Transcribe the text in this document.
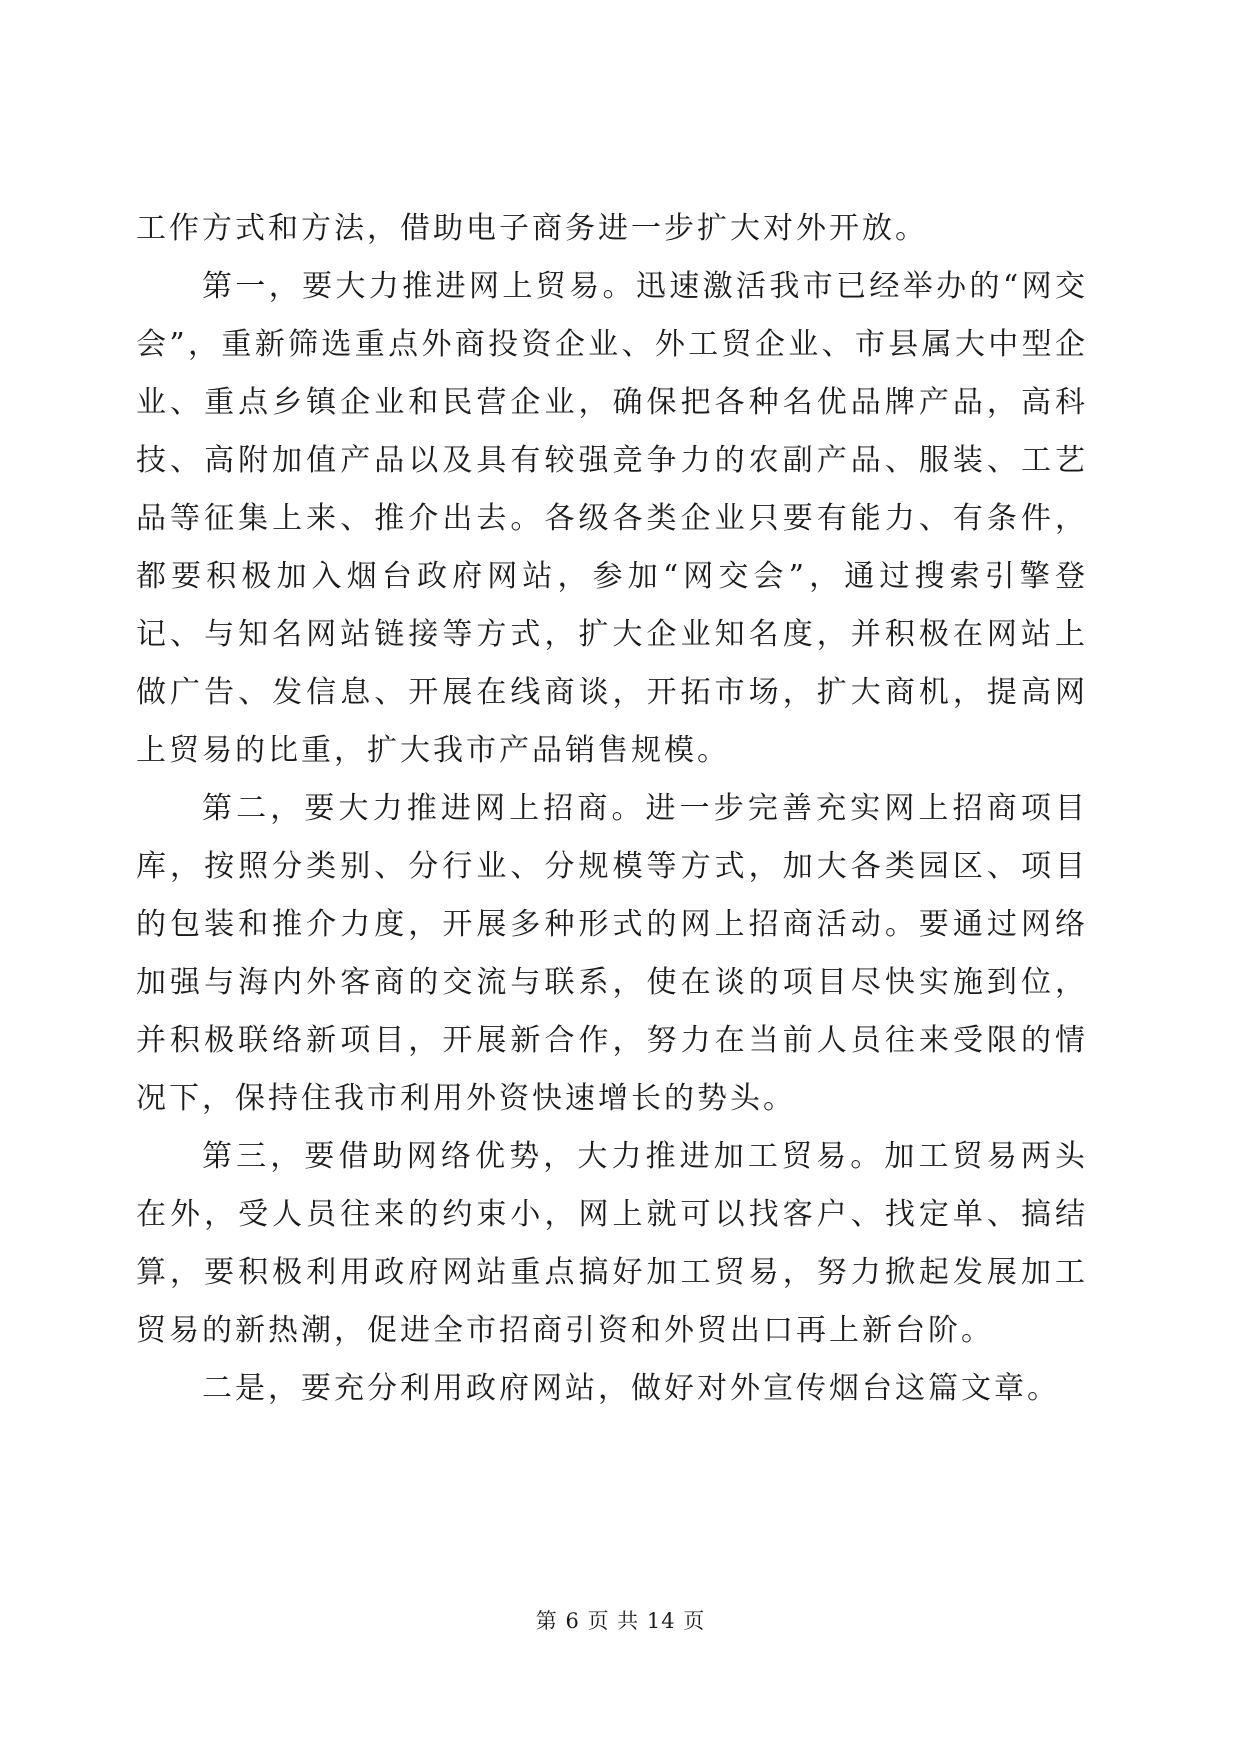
工作方式和方法，借助电子商务进一步扩大对外开放。

第一，要大力推进网上贸易。迅速激活我市已经举办的“网交会”，重新筛选重点外商投资企业、外工贸企业、市县属大中型企业、重点乡镇企业和民营企业，确保把各种名优品牌产品，高科技、高附加值产品以及具有较强竞争力的农副产品、服装、工艺品等征集上来、推介出去。各级各类企业只要有能力、有条件，都要积极加入烟台政府网站，参加“网交会”，通过搜索引擎登记、与知名网站链接等方式，扩大企业知名度，并积极在网站上做广告、发信息、开展在线商谈，开拓市场，扩大商机，提高网上贸易的比重，扩大我市产品销售规模。

第二，要大力推进网上招商。进一步完善充实网上招商项目库，按照分类别、分行业、分规模等方式，加大各类园区、项目的包装和推介力度，开展多种形式的网上招商活动。要通过网络加强与海内外客商的交流与联系，使在谈的项目尽快实施到位，并积极联络新项目，开展新合作，努力在当前人员往来受限的情况下，保持住我市利用外资快速增长的势头。

第三，要借助网络优势，大力推进加工贸易。加工贸易两头在外，受人员往来的约束小，网上就可以找客户、找定单、搞结算，要积极利用政府网站重点搞好加工贸易，努力掀起发展加工贸易的新热潮，促进全市招商引资和外贸出口再上新台阶。

二是，要充分利用政府网站，做好对外宣传烟台这篇文章。

第 6 页 共 14 页
